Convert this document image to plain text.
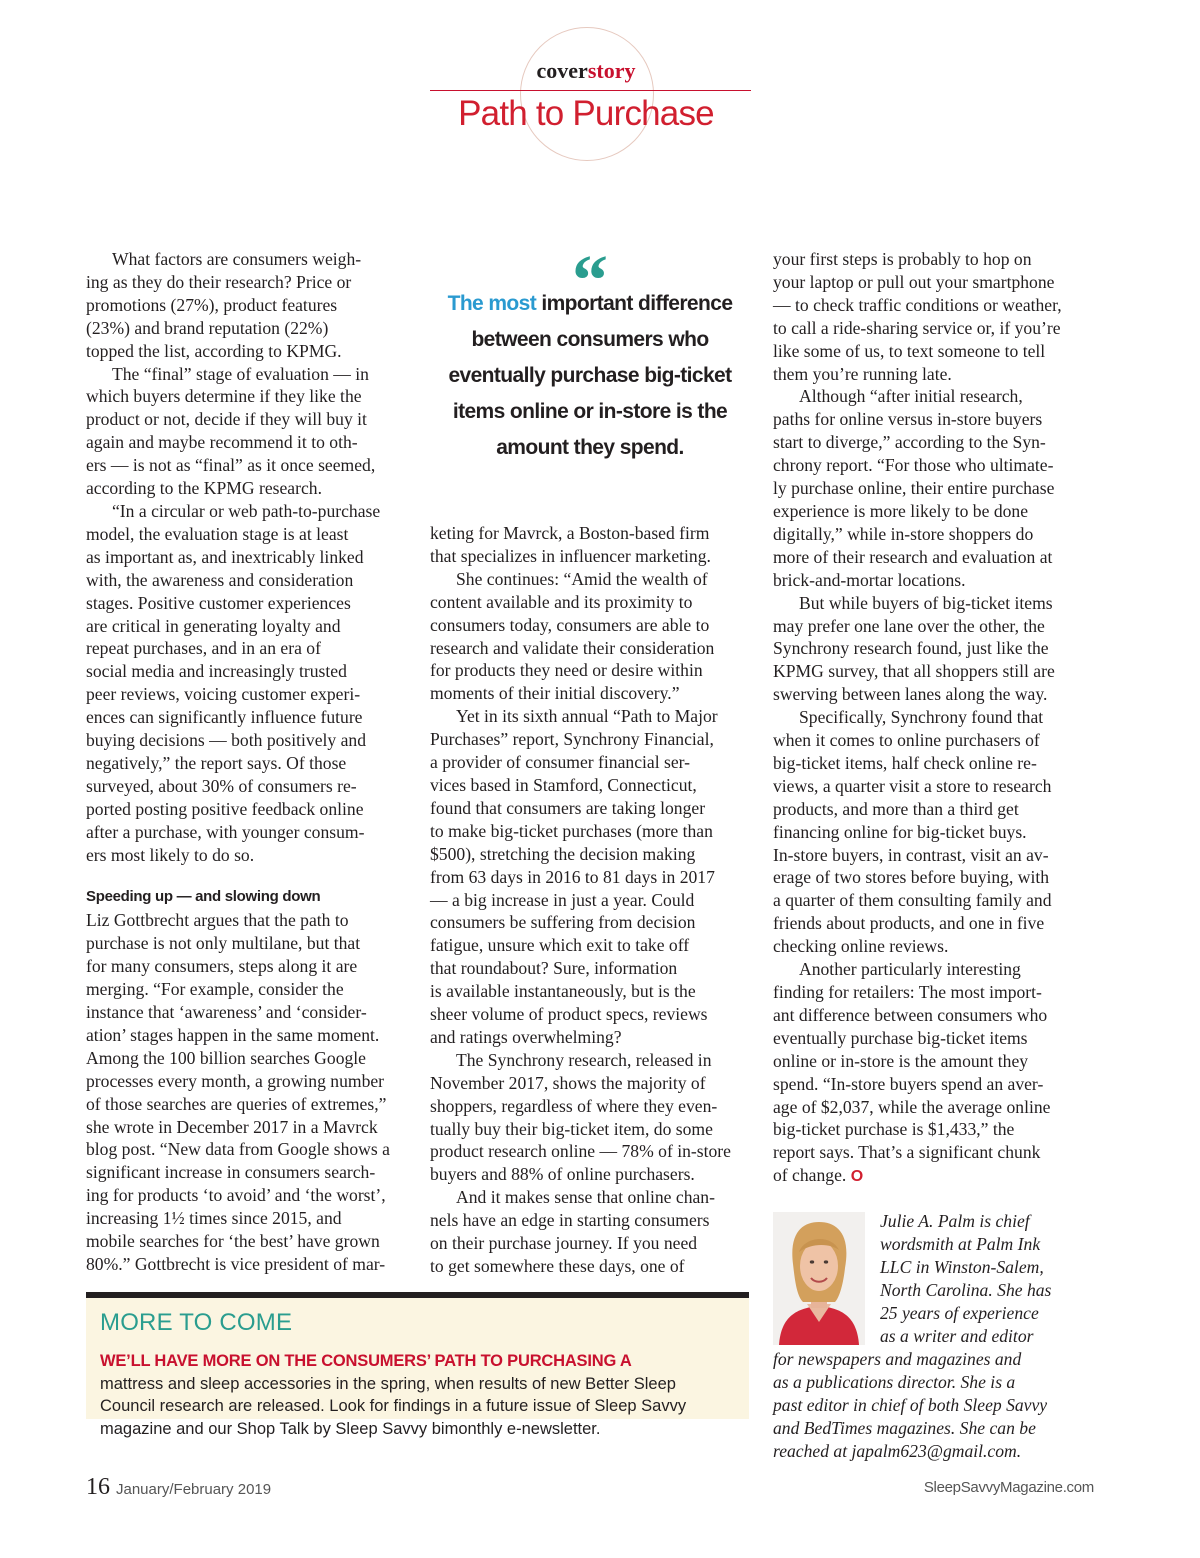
coverstory
Path to Purchase

What factors are consumers weigh-

ing as they do their research? Price or
promotions (27%), product features
(23%) and brand reputation (22%)
topped the list, according to KPMG.

The “final” stage of evaluation — in

which buyers determine if they like the
product or not, decide if they will buy it
again and maybe recommend it to oth-
ers — is not as “final” as it once seemed,
according to the KPMG research.

“In a circular or web path-to-purchase

model, the evaluation stage is at least
as important as, and inextricably linked
with, the awareness and consideration
stages. Positive customer experiences
are critical in generating loyalty and
repeat purchases, and in an era of
social media and increasingly trusted
peer reviews, voicing customer experi-
ences can significantly influence future
buying decisions — both positively and
negatively,” the report says. Of those
surveyed, about 30% of consumers re-
ported posting positive feedback online
after a purchase, with younger consum-
ers most likely to do so.

Speeding up — and slowing down

Liz Gottbrecht argues that the path to
purchase is not only multilane, but that
for many consumers, steps along it are
merging. “For example, consider the
instance that ‘awareness’ and ‘consider-
ation’ stages happen in the same moment.
Among the 100 billion searches Google
processes every month, a growing number
of those searches are queries of extremes,”
she wrote in December 2017 in a Mavrck
blog post. “New data from Google shows a
significant increase in consumers search-
ing for products ‘to avoid’ and ‘the worst’,
increasing 1½ times since 2015, and
mobile searches for ‘the best’ have grown
80%.” Gottbrecht is vice president of mar-

“
The most important difference between consumers who eventually purchase big-ticket items online or in-store is the amount they spend.

keting for Mavrck, a Boston-based firm
that specializes in influencer marketing.

She continues: “Amid the wealth of

content available and its proximity to
consumers today, consumers are able to
research and validate their consideration
for products they need or desire within
moments of their initial discovery.”

Yet in its sixth annual “Path to Major

Purchases” report, Synchrony Financial,
a provider of consumer financial ser-
vices based in Stamford, Connecticut,
found that consumers are taking longer
to make big-ticket purchases (more than
$500), stretching the decision making
from 63 days in 2016 to 81 days in 2017
— a big increase in just a year. Could
consumers be suffering from decision
fatigue, unsure which exit to take off
that roundabout? Sure, information
is available instantaneously, but is the
sheer volume of product specs, reviews
and ratings overwhelming?

The Synchrony research, released in

November 2017, shows the majority of
shoppers, regardless of where they even-
tually buy their big-ticket item, do some
product research online — 78% of in-store
buyers and 88% of online purchasers.

And it makes sense that online chan-

nels have an edge in starting consumers
on their purchase journey. If you need
to get somewhere these days, one of

your first steps is probably to hop on
your laptop or pull out your smartphone
— to check traffic conditions or weather,
to call a ride-sharing service or, if you’re
like some of us, to text someone to tell
them you’re running late.

Although “after initial research,

paths for online versus in-store buyers
start to diverge,” according to the Syn-
chrony report. “For those who ultimate-
ly purchase online, their entire purchase
experience is more likely to be done
digitally,” while in-store shoppers do
more of their research and evaluation at
brick-and-mortar locations.

But while buyers of big-ticket items

may prefer one lane over the other, the
Synchrony research found, just like the
KPMG survey, that all shoppers still are
swerving between lanes along the way.

Specifically, Synchrony found that

when it comes to online purchasers of
big-ticket items, half check online re-
views, a quarter visit a store to research
products, and more than a third get
financing online for big-ticket buys.
In-store buyers, in contrast, visit an av-
erage of two stores before buying, with
a quarter of them consulting family and
friends about products, and one in five
checking online reviews.

Another particularly interesting

finding for retailers: The most import-
ant difference between consumers who
eventually purchase big-ticket items
online or in-store is the amount they
spend. “In-store buyers spend an aver-
age of $2,037, while the average online
big-ticket purchase is $1,433,” the
report says. That’s a significant chunk
of change. O

MORE TO COME
WE’LL HAVE MORE ON THE CONSUMERS’ PATH TO PURCHASING A
mattress and sleep accessories in the spring, when results of new Better Sleep
Council research are released. Look for findings in a future issue of Sleep Savvy
magazine and our Shop Talk by Sleep Savvy bimonthly e-newsletter.
Julie A. Palm is chief
wordsmith at Palm Ink
LLC in Winston-Salem,
North Carolina. She has
25 years of experience
as a writer and editor
for newspapers and magazines and
as a publications director. She is a
past editor in chief of both Sleep Savvy
and BedTimes magazines. She can be
reached at japalm623@gmail.com.
16 January/February 2019	SleepSavvyMagazine.com
